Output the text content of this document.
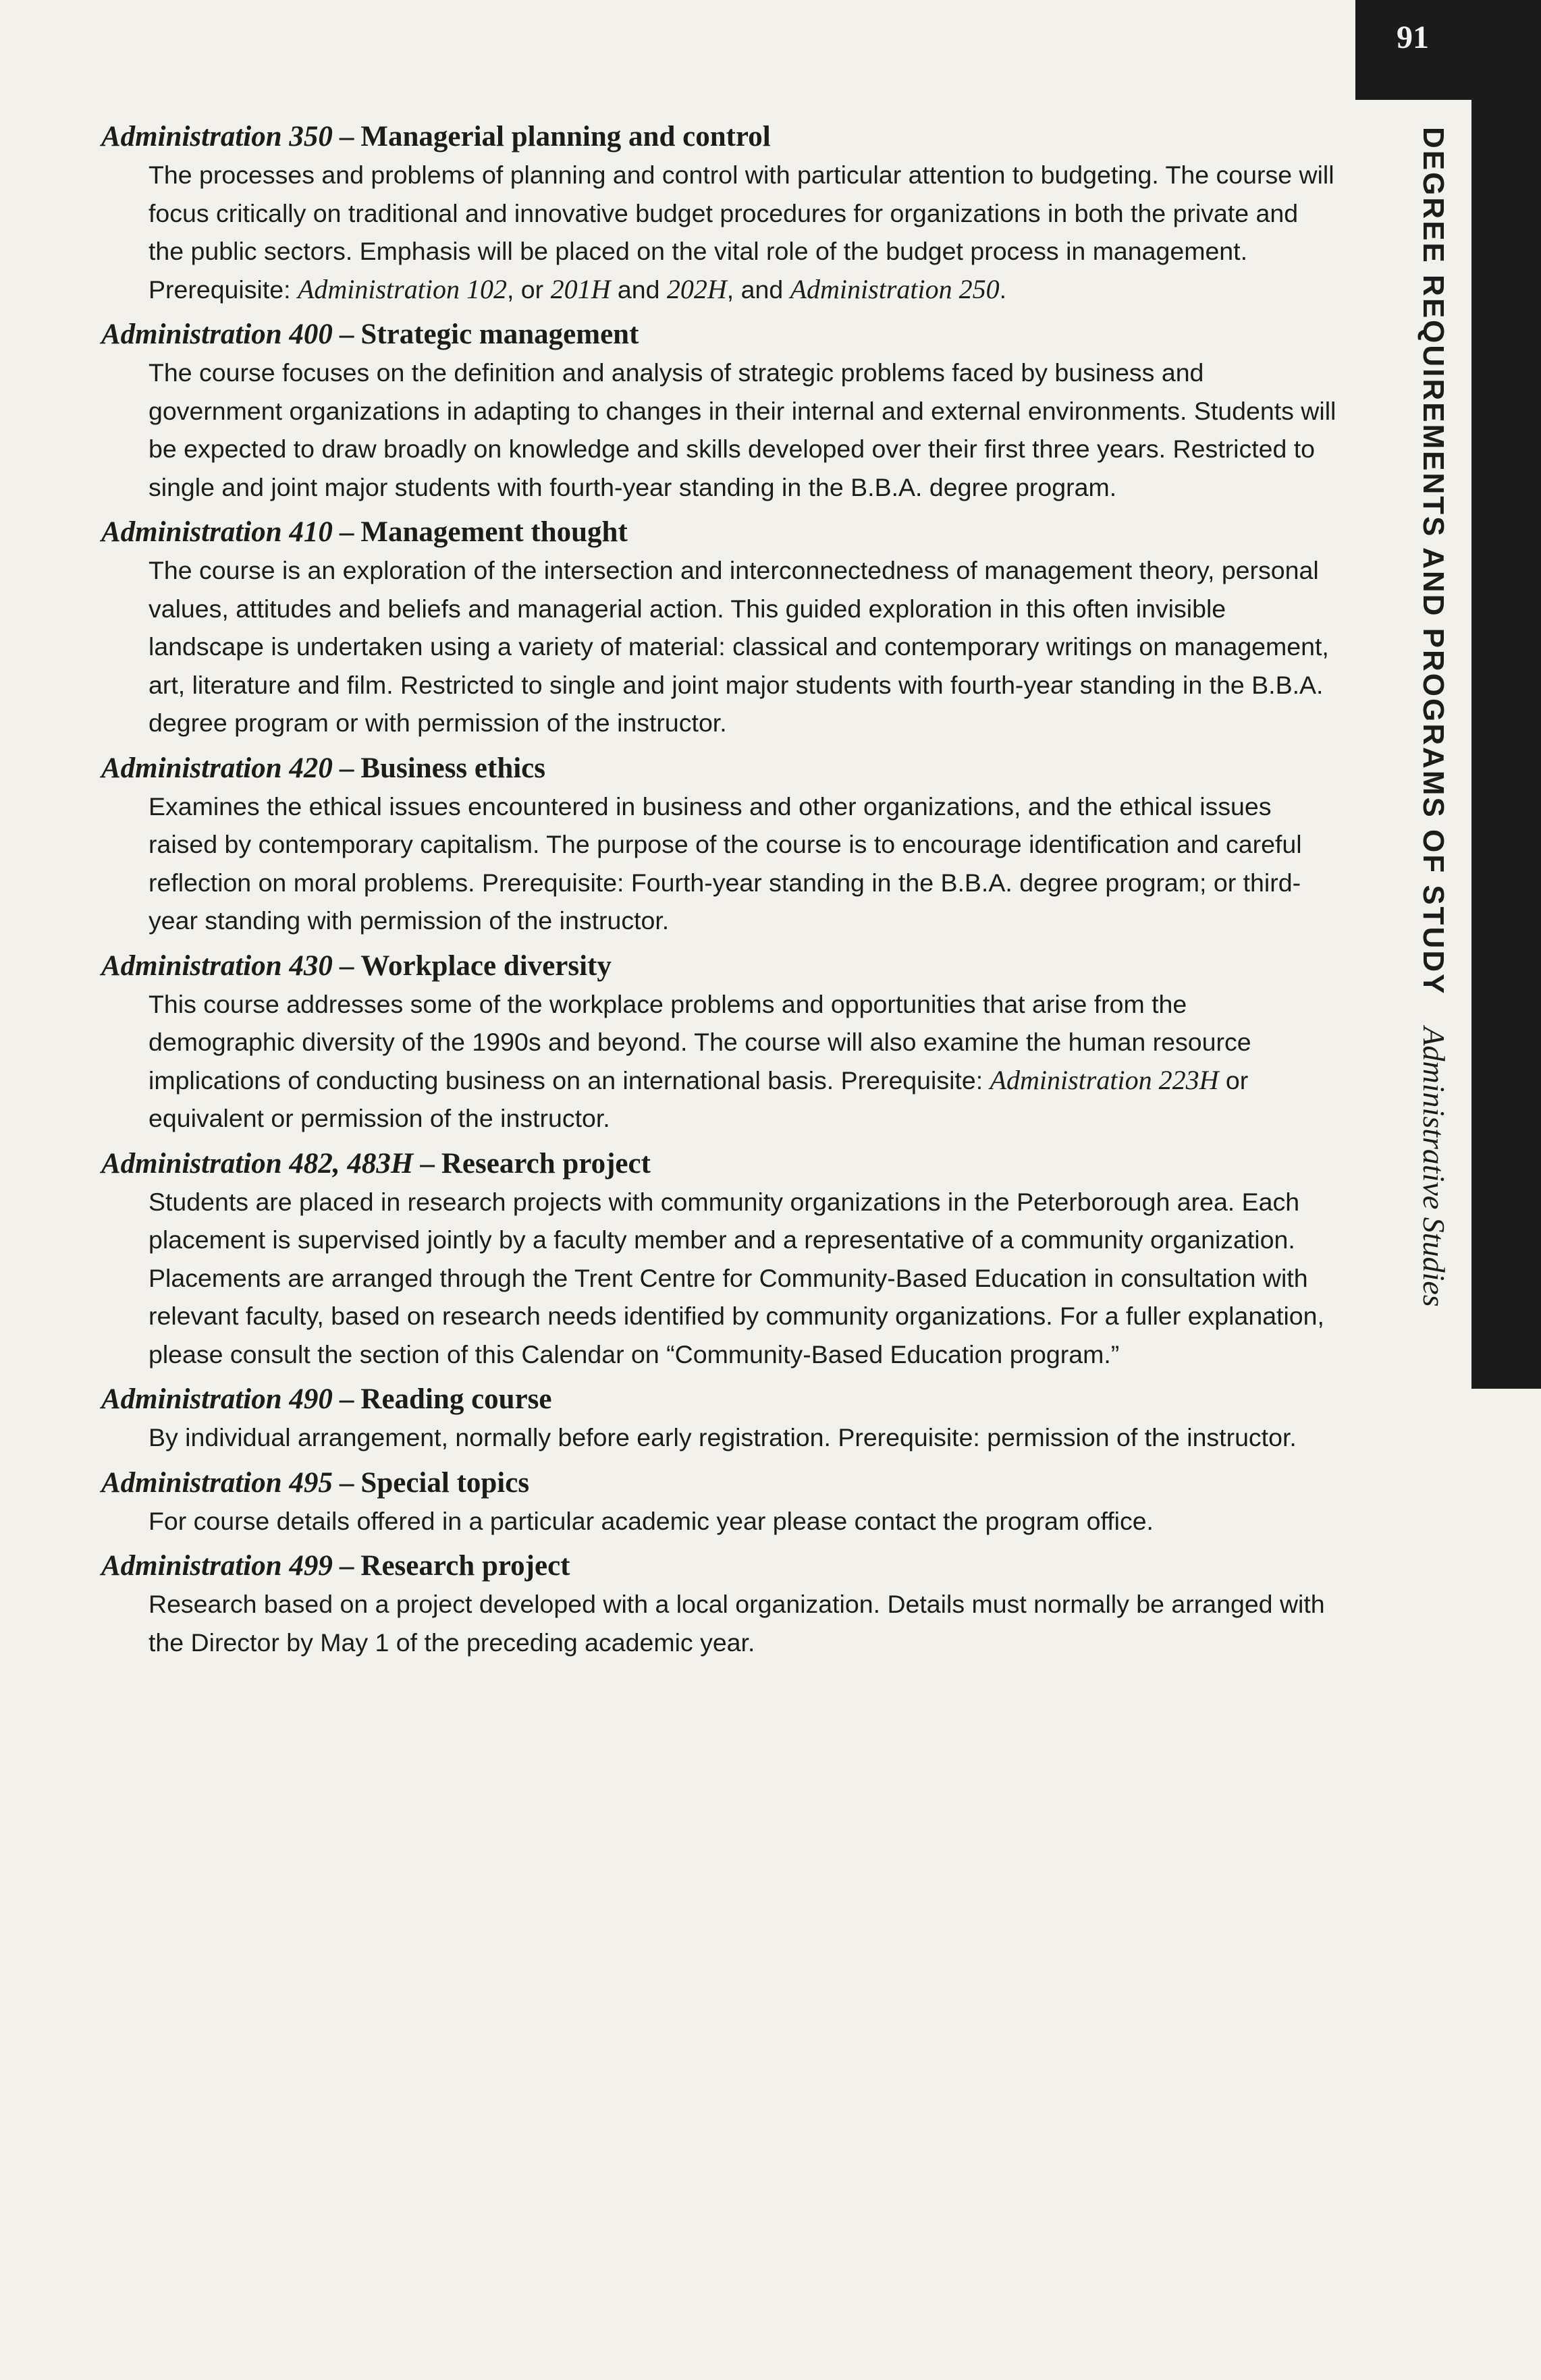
91
DEGREE REQUIREMENTS AND PROGRAMS OF STUDYAdministrative Studies

Administration 350 – Managerial planning and control

The processes and problems of planning and control with particular attention to budgeting. The course will focus critically on traditional and innovative budget procedures for organizations in both the private and the public sectors. Emphasis will be placed on the vital role of the budget process in management. Prerequisite: Administration 102, or 201H and 202H, and Administration 250.

Administration 400 – Strategic management

The course focuses on the definition and analysis of strategic problems faced by business and government organizations in adapting to changes in their internal and external environments. Students will be expected to draw broadly on knowledge and skills developed over their first three years. Restricted to single and joint major students with fourth-year standing in the B.B.A. degree program.

Administration 410 – Management thought

The course is an exploration of the intersection and interconnectedness of management theory, personal values, attitudes and beliefs and managerial action. This guided exploration in this often invisible landscape is undertaken using a variety of material: classical and contemporary writings on management, art, literature and film. Restricted to single and joint major students with fourth-year standing in the B.B.A. degree program or with permission of the instructor.

Administration 420 – Business ethics

Examines the ethical issues encountered in business and other organizations, and the ethical issues raised by contemporary capitalism. The purpose of the course is to encourage identification and careful reflection on moral problems. Prerequisite: Fourth-year standing in the B.B.A. degree program; or third-year standing with permission of the instructor.

Administration 430 – Workplace diversity

This course addresses some of the workplace problems and opportunities that arise from the demographic diversity of the 1990s and beyond. The course will also examine the human resource implications of conducting business on an international basis. Prerequisite: Administration 223H or equivalent or permission of the instructor.

Administration 482, 483H – Research project

Students are placed in research projects with community organizations in the Peterborough area. Each placement is supervised jointly by a faculty member and a representative of a community organization. Placements are arranged through the Trent Centre for Community-Based Education in consultation with relevant faculty, based on research needs identified by community organizations. For a fuller explanation, please consult the section of this Calendar on “Community-Based Education program.”

Administration 490 – Reading course

By individual arrangement, normally before early registration. Prerequisite: permission of the instructor.

Administration 495 – Special topics

For course details offered in a particular academic year please contact the program office.

Administration 499 – Research project

Research based on a project developed with a local organization. Details must normally be arranged with the Director by May 1 of the preceding academic year.
